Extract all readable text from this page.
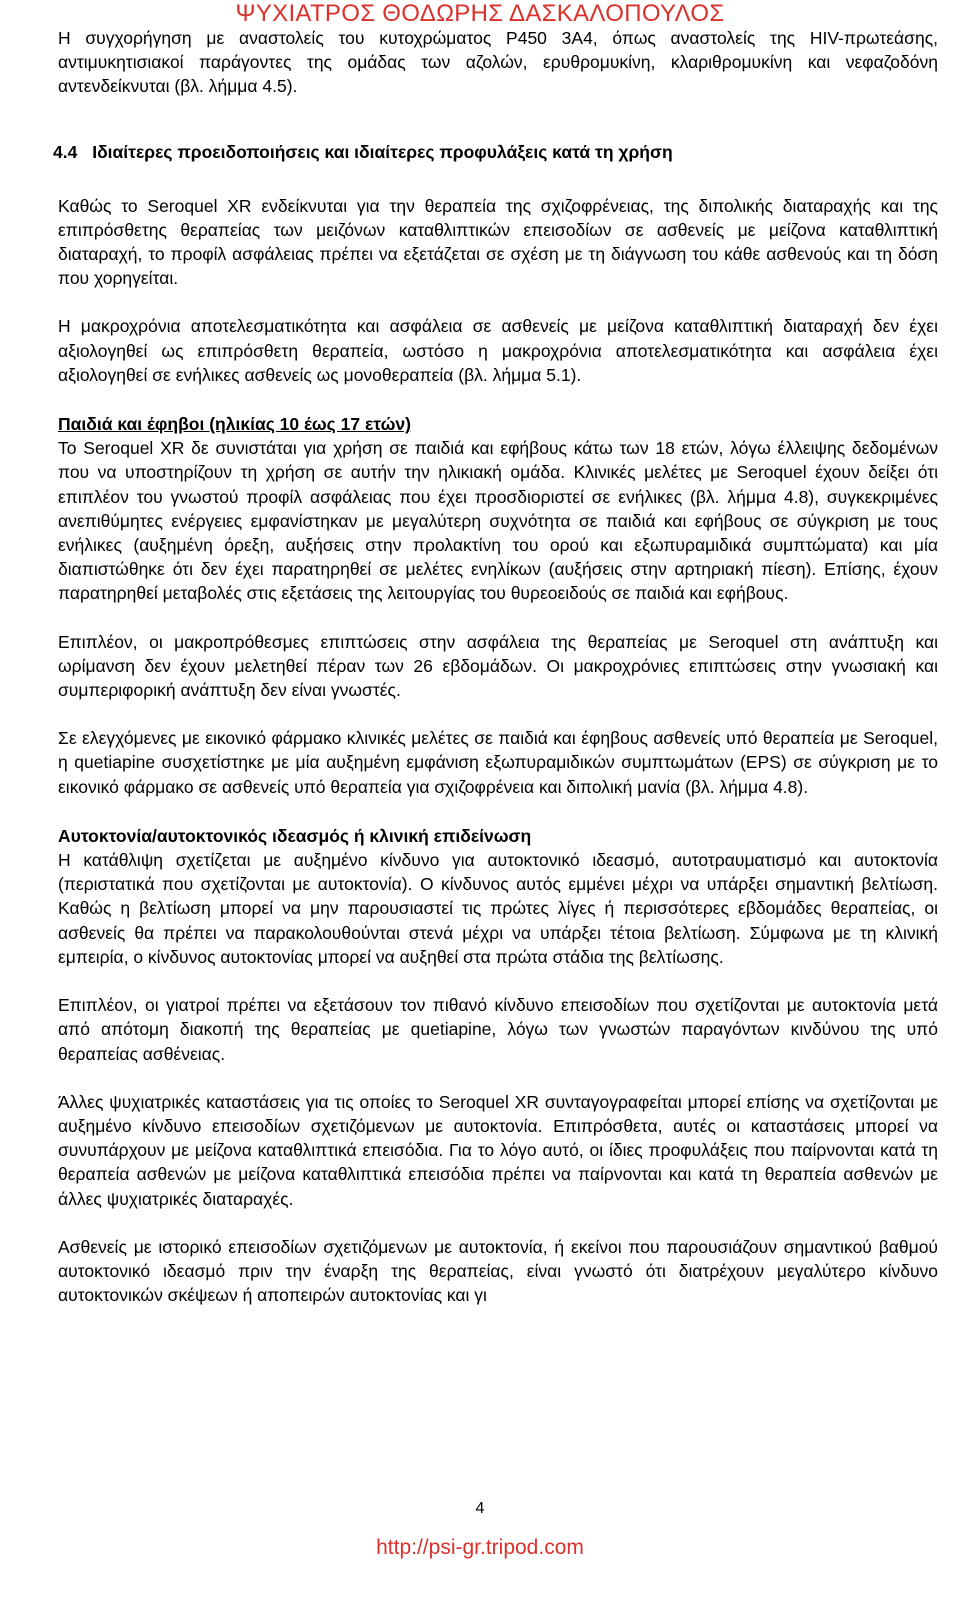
ΨΥΧΙΑΤΡΟΣ ΘΟΔΩΡΗΣ ΔΑΣΚΑΛΟΠΟΥΛΟΣ

Η συγχορήγηση με αναστολείς του κυτοχρώματος P450 3A4, όπως αναστολείς της HIV-πρωτεάσης, αντιμυκητισιακοί παράγοντες της ομάδας των αζολών, ερυθρομυκίνη, κλαριθρομυκίνη και νεφαζοδόνη αντενδείκνυται (βλ. λήμμα 4.5).

4.4 Ιδιαίτερες προειδοποιήσεις και ιδιαίτερες προφυλάξεις κατά τη χρήση

Καθώς το Seroquel XR ενδείκνυται για την θεραπεία της σχιζοφρένειας, της διπολικής διαταραχής και της επιπρόσθετης θεραπείας των μειζόνων καταθλιπτικών επεισοδίων σε ασθενείς με μείζονα καταθλιπτική διαταραχή, το προφίλ ασφάλειας πρέπει να εξετάζεται σε σχέση με τη διάγνωση του κάθε ασθενούς και τη δόση που χορηγείται.

Η μακροχρόνια αποτελεσματικότητα και ασφάλεια σε ασθενείς με μείζονα καταθλιπτική διαταραχή δεν έχει αξιολογηθεί ως επιπρόσθετη θεραπεία, ωστόσο η μακροχρόνια αποτελεσματικότητα και ασφάλεια έχει αξιολογηθεί σε ενήλικες ασθενείς ως μονοθεραπεία (βλ. λήμμα 5.1).

Παιδιά και έφηβοι (ηλικίας 10 έως 17 ετών)

Το Seroquel XR δε συνιστάται για χρήση σε παιδιά και εφήβους κάτω των 18 ετών, λόγω έλλειψης δεδομένων που να υποστηρίζουν τη χρήση σε αυτήν την ηλικιακή ομάδα. Κλινικές μελέτες με Seroquel έχουν δείξει ότι επιπλέον του γνωστού προφίλ ασφάλειας που έχει προσδιοριστεί σε ενήλικες (βλ. λήμμα 4.8), συγκεκριμένες ανεπιθύμητες ενέργειες εμφανίστηκαν με μεγαλύτερη συχνότητα σε παιδιά και εφήβους σε σύγκριση με τους ενήλικες (αυξημένη όρεξη, αυξήσεις στην προλακτίνη του ορού και εξωπυραμιδικά συμπτώματα) και μία διαπιστώθηκε ότι δεν έχει παρατηρηθεί σε μελέτες ενηλίκων (αυξήσεις στην αρτηριακή πίεση). Επίσης, έχουν παρατηρηθεί μεταβολές στις εξετάσεις της λειτουργίας του θυρεοειδούς σε παιδιά και εφήβους.

Επιπλέον, οι μακροπρόθεσμες επιπτώσεις στην ασφάλεια της θεραπείας με Seroquel στη ανάπτυξη και ωρίμανση δεν έχουν μελετηθεί πέραν των 26 εβδομάδων. Οι μακροχρόνιες επιπτώσεις στην γνωσιακή και συμπεριφορική ανάπτυξη δεν είναι γνωστές.

Σε ελεγχόμενες με εικονικό φάρμακο κλινικές μελέτες σε παιδιά και έφηβους ασθενείς υπό θεραπεία με Seroquel, η quetiapine συσχετίστηκε με μία αυξημένη εμφάνιση εξωπυραμιδικών συμπτωμάτων (EPS) σε σύγκριση με το εικονικό φάρμακο σε ασθενείς υπό θεραπεία για σχιζοφρένεια και διπολική μανία (βλ. λήμμα 4.8).

Αυτοκτονία/αυτοκτονικός ιδεασμός ή κλινική επιδείνωση

Η κατάθλιψη σχετίζεται με αυξημένο κίνδυνο για αυτοκτονικό ιδεασμό, αυτοτραυματισμό και αυτοκτονία (περιστατικά που σχετίζονται με αυτοκτονία). Ο κίνδυνος αυτός εμμένει μέχρι να υπάρξει σημαντική βελτίωση. Καθώς η βελτίωση μπορεί να μην παρουσιαστεί τις πρώτες λίγες ή περισσότερες εβδομάδες θεραπείας, οι ασθενείς θα πρέπει να παρακολουθούνται στενά μέχρι να υπάρξει τέτοια βελτίωση. Σύμφωνα με τη κλινική εμπειρία, ο κίνδυνος αυτοκτονίας μπορεί να αυξηθεί στα πρώτα στάδια της βελτίωσης.

Επιπλέον, οι γιατροί πρέπει να εξετάσουν τον πιθανό κίνδυνο επεισοδίων που σχετίζονται με αυτοκτονία μετά από απότομη διακοπή της θεραπείας με quetiapine, λόγω των γνωστών παραγόντων κινδύνου της υπό θεραπείας ασθένειας.

Άλλες ψυχιατρικές καταστάσεις για τις οποίες το Seroquel XR συνταγογραφείται μπορεί επίσης να σχετίζονται με αυξημένο κίνδυνο επεισοδίων σχετιζόμενων με αυτοκτονία. Επιπρόσθετα, αυτές οι καταστάσεις μπορεί να συνυπάρχουν με μείζονα καταθλιπτικά επεισόδια. Για το λόγο αυτό, οι ίδιες προφυλάξεις που παίρνονται κατά τη θεραπεία ασθενών με μείζονα καταθλιπτικά επεισόδια πρέπει να παίρνονται και κατά τη θεραπεία ασθενών με άλλες ψυχιατρικές διαταραχές.

Ασθενείς με ιστορικό επεισοδίων σχετιζόμενων με αυτοκτονία, ή εκείνοι που παρουσιάζουν σημαντικού βαθμού αυτοκτονικό ιδεασμό πριν την έναρξη της θεραπείας, είναι γνωστό ότι διατρέχουν μεγαλύτερο κίνδυνο αυτοκτονικών σκέψεων ή αποπειρών αυτοκτονίας και γι

4
http://psi-gr.tripod.com
